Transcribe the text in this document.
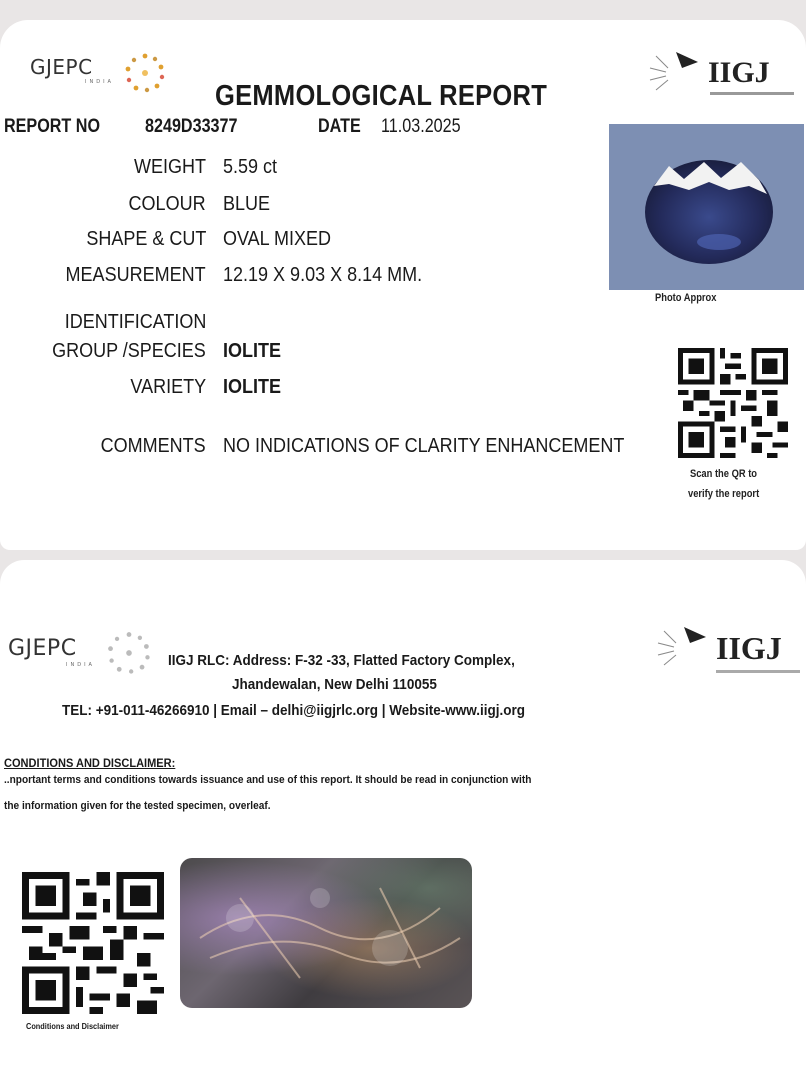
GJEPC
INDIA	IIGJ
GEMMOLOGICAL REPORT
REPORT NO 8249D33377	DATE 11.03.2025
WEIGHT 5.59 ct
COLOUR BLUE
SHAPE & CUT OVAL MIXED
MEASUREMENT 12.19 X 9.03 X 8.14 MM.
IDENTIFICATION
GROUP /SPECIES IOLITE
VARIETY IOLITE
COMMENTS NO INDICATIONS OF CLARITY ENHANCEMENT
Photo Approx
Scan the QR to
verify the report
GJEPC
INDIA	IIGJ
IIGJ RLC: Address: F-32 -33, Flatted Factory Complex,
Jhandewalan, New Delhi 110055
TEL: +91-011-46266910 | Email – delhi@iigjrlc.org | Website-www.iigj.org
CONDITIONS AND DISCLAIMER:
..nportant terms and conditions towards issuance and use of this report. It should be read in conjunction with
the information given for the tested specimen, overleaf.
Conditions and Disclaimer
